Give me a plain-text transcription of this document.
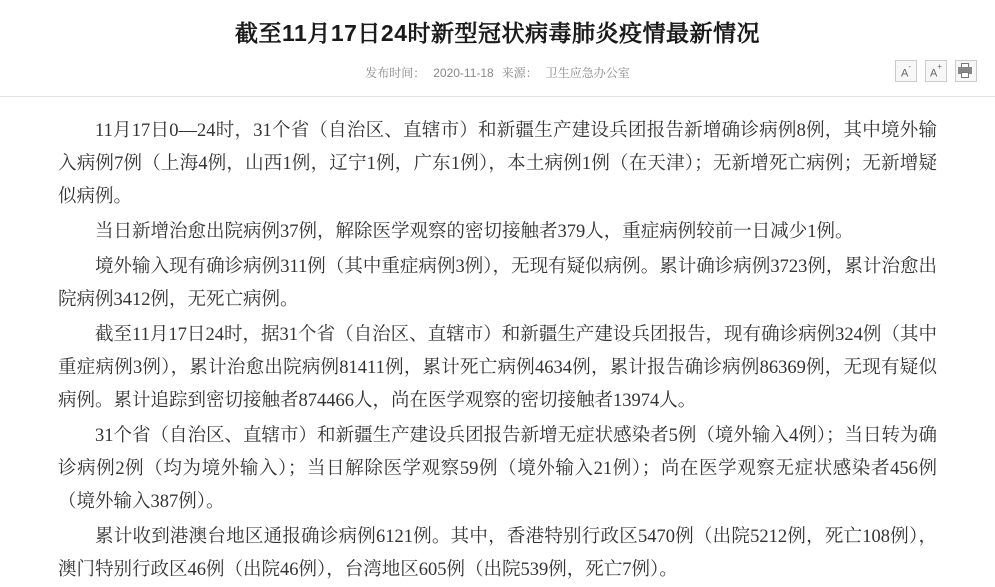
截至11月17日24时新型冠状病毒肺炎疫情最新情况
发布时间： 2020-11-18 来源： 卫生应急办公室	A-
A+

11月17日0—24时，31个省（自治区、直辖市）和新疆生产建设兵团报告新增确诊病例8例，其中境外输入病例7例（上海4例，山西1例，辽宁1例，广东1例），本土病例1例（在天津）；无新增死亡病例；无新增疑似病例。

当日新增治愈出院病例37例，解除医学观察的密切接触者379人，重症病例较前一日减少1例。

境外输入现有确诊病例311例（其中重症病例3例），无现有疑似病例。累计确诊病例3723例，累计治愈出院病例3412例，无死亡病例。

截至11月17日24时，据31个省（自治区、直辖市）和新疆生产建设兵团报告，现有确诊病例324例（其中重症病例3例），累计治愈出院病例81411例，累计死亡病例4634例，累计报告确诊病例86369例，无现有疑似病例。累计追踪到密切接触者874466人，尚在医学观察的密切接触者13974人。

31个省（自治区、直辖市）和新疆生产建设兵团报告新增无症状感染者5例（境外输入4例）；当日转为确诊病例2例（均为境外输入）；当日解除医学观察59例（境外输入21例）；尚在医学观察无症状感染者456例（境外输入387例）。

累计收到港澳台地区通报确诊病例6121例。其中，香港特别行政区5470例（出院5212例，死亡108例），澳门特别行政区46例（出院46例），台湾地区605例（出院539例，死亡7例）。
